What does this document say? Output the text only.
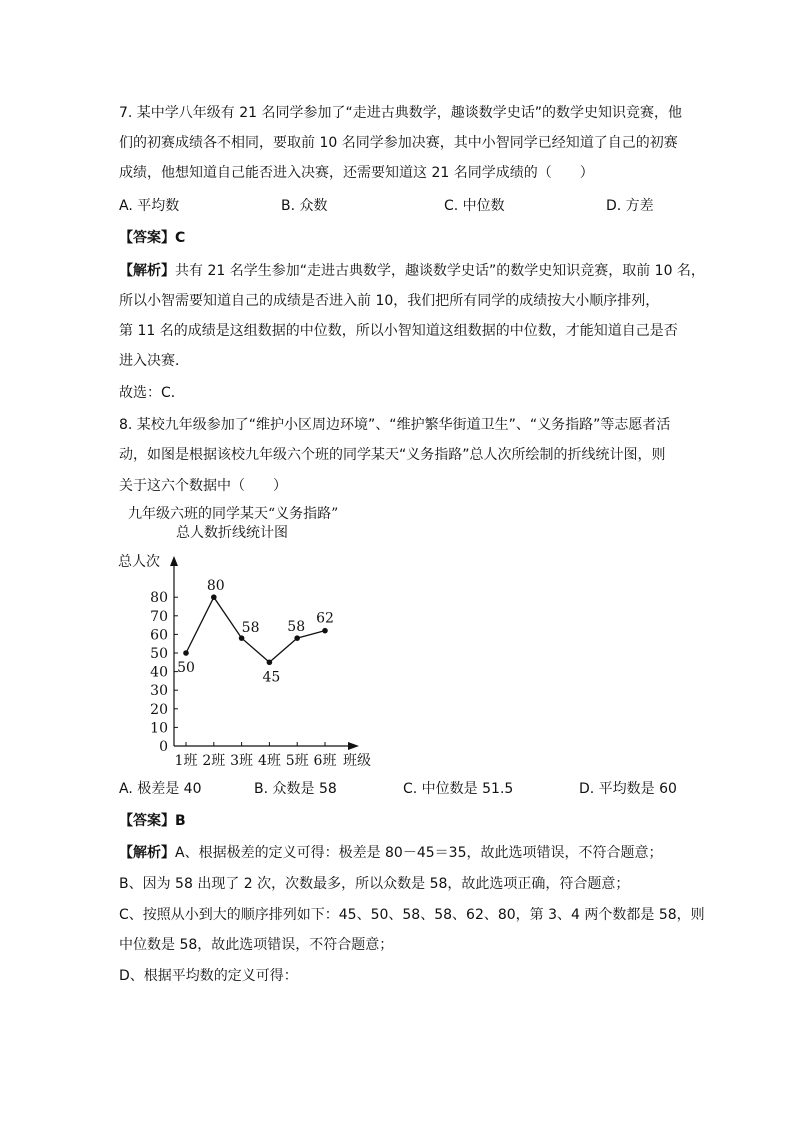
7. 某中学八年级有 21 名同学参加了“走进古典数学，趣谈数学史话”的数学史知识竞赛，他
们的初赛成绩各不相同，要取前 10 名同学参加决赛，其中小智同学已经知道了自己的初赛
成绩，他想知道自己能否进入决赛，还需要知道这 21 名同学成绩的（　　）
A. 平均数	B. 众数	C. 中位数	D. 方差
【答案】C
【解析】共有 21 名学生参加“走进古典数学，趣谈数学史话”的数学史知识竞赛，取前 10 名，
所以小智需要知道自己的成绩是否进入前 10，我们把所有同学的成绩按大小顺序排列，
第 11 名的成绩是这组数据的中位数，所以小智知道这组数据的中位数，才能知道自己是否
进入决赛．
故选：C．
8. 某校九年级参加了“维护小区周边环境”、“维护繁华街道卫生”、“义务指路”等志愿者活
动，如图是根据该校九年级六个班的同学某天“义务指路”总人次所绘制的折线统计图，则
关于这六个数据中（　　）
九年级六班的同学某天“义务指路”
总人数折线统计图
总人次
班级
0
10
20
30
40
50
60
70
80
1班 2班 3班 4班 5班 6班
50
80
58
45
58
62
A. 极差是 40	B. 众数是 58	C. 中位数是 51.5	D. 平均数是 60
【答案】B
【解析】A、根据极差的定义可得：极差是 80－45＝35，故此选项错误，不符合题意；
B、因为 58 出现了 2 次，次数最多，所以众数是 58，故此选项正确，符合题意；
C、按照从小到大的顺序排列如下：45、50、58、58、62、80，第 3、4 两个数都是 58，则
中位数是 58，故此选项错误，不符合题意；
D、根据平均数的定义可得：
